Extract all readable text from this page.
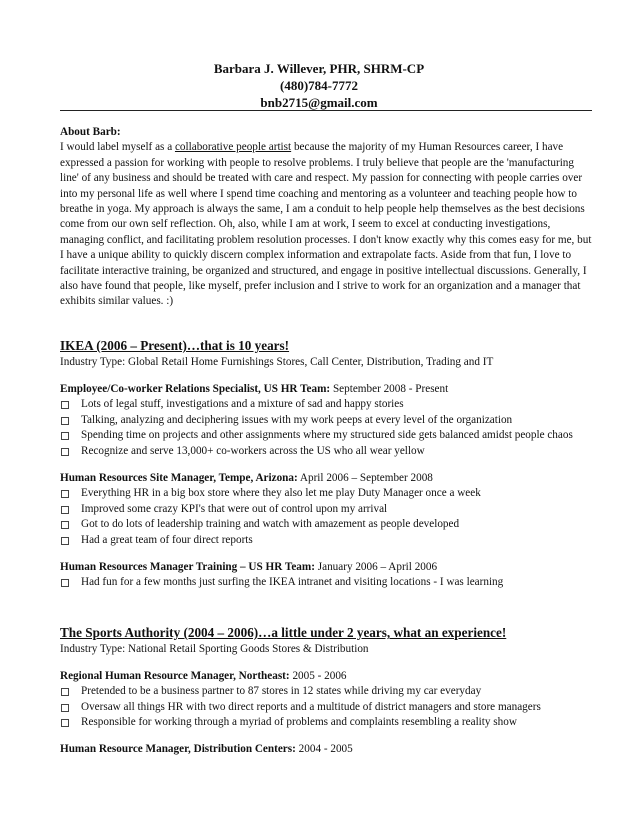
Barbara J. Willever, PHR, SHRM-CP
(480)784-7772
bnb2715@gmail.com
About Barb:
I would label myself as a collaborative people artist because the majority of my Human Resources career, I have expressed a passion for working with people to resolve problems. I truly believe that people are the 'manufacturing line' of any business and should be treated with care and respect. My passion for connecting with people carries over into my personal life as well where I spend time coaching and mentoring as a volunteer and teaching people how to breathe in yoga. My approach is always the same, I am a conduit to help people help themselves as the best decisions come from our own self reflection. Oh, also, while I am at work, I seem to excel at conducting investigations, managing conflict, and facilitating problem resolution processes. I don't know exactly why this comes easy for me, but I have a unique ability to quickly discern complex information and extrapolate facts. Aside from that fun, I love to facilitate interactive training, be organized and structured, and engage in positive intellectual discussions. Generally, I also have found that people, like myself, prefer inclusion and I strive to work for an organization and a manager that exhibits similar values. :)
IKEA (2006 – Present)…that is 10 years!
Industry Type: Global Retail Home Furnishings Stores, Call Center, Distribution, Trading and IT
Employee/Co-worker Relations Specialist, US HR Team: September 2008 - Present
Lots of legal stuff, investigations and a mixture of sad and happy stories
Talking, analyzing and deciphering issues with my work peeps at every level of the organization
Spending time on projects and other assignments where my structured side gets balanced amidst people chaos
Recognize and serve 13,000+ co-workers across the US who all wear yellow
Human Resources Site Manager, Tempe, Arizona: April 2006 – September 2008
Everything HR in a big box store where they also let me play Duty Manager once a week
Improved some crazy KPI's that were out of control upon my arrival
Got to do lots of leadership training and watch with amazement as people developed
Had a great team of four direct reports
Human Resources Manager Training – US HR Team: January 2006 – April 2006
Had fun for a few months just surfing the IKEA intranet and visiting locations - I was learning
The Sports Authority (2004 – 2006)…a little under 2 years, what an experience!
Industry Type: National Retail Sporting Goods Stores & Distribution
Regional Human Resource Manager, Northeast: 2005 - 2006
Pretended to be a business partner to 87 stores in 12 states while driving my car everyday
Oversaw all things HR with two direct reports and a multitude of district managers and store managers
Responsible for working through a myriad of problems and complaints resembling a reality show
Human Resource Manager, Distribution Centers: 2004 - 2005
